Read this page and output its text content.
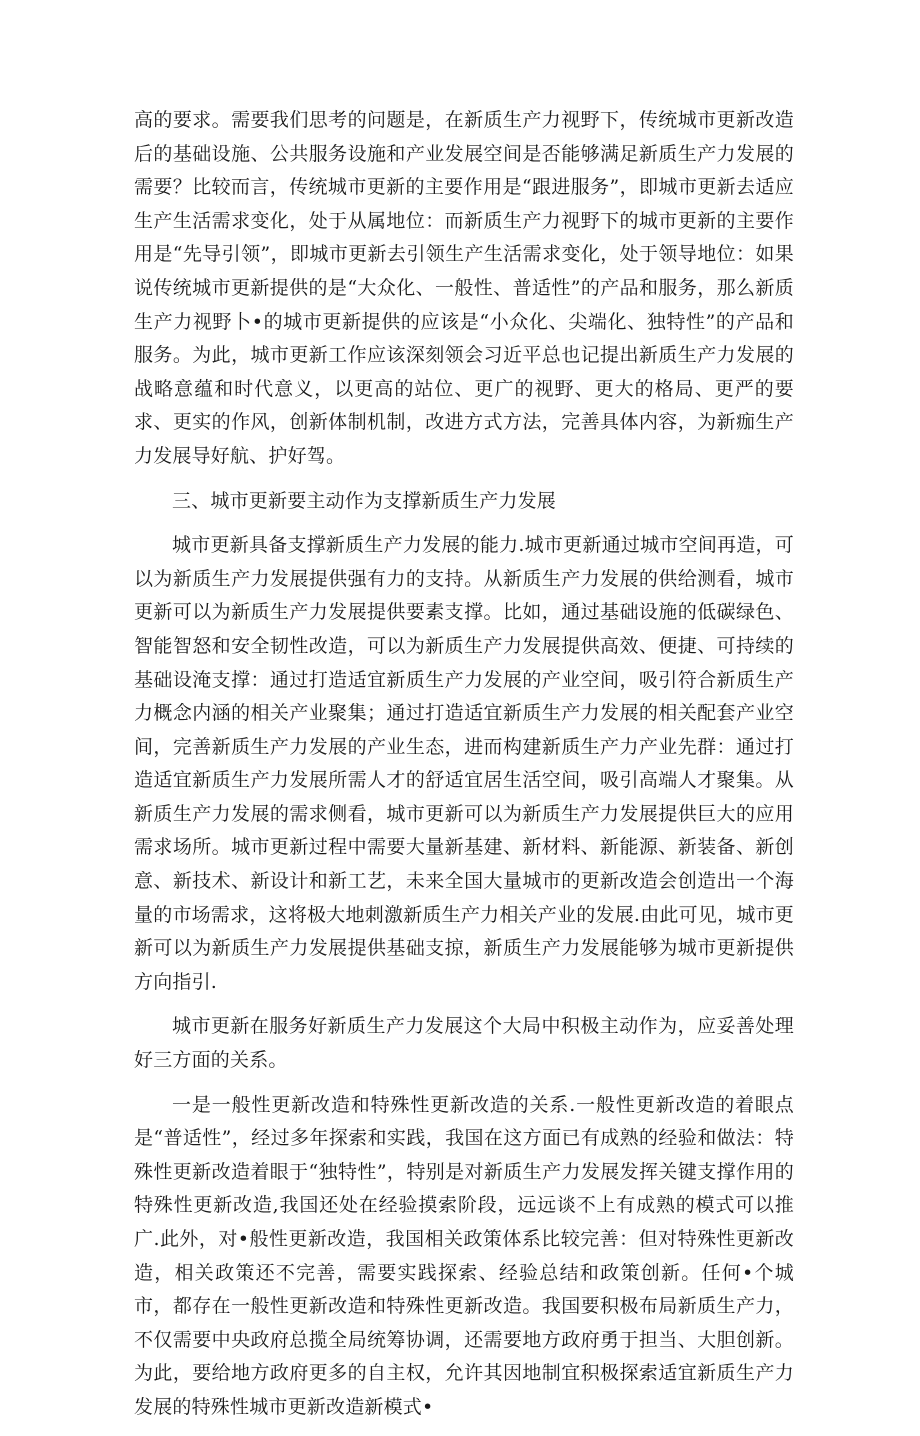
高的要求。需要我们思考的问题是，在新质生产力视野下，传统城市更新改造后的基础设施、公共服务设施和产业发展空间是否能够满足新质生产力发展的需要？比较而言，传统城市更新的主要作用是“跟进服务”，即城市更新去适应生产生活需求变化，处于从属地位：而新质生产力视野下的城市更新的主要作用是“先导引领”，即城市更新去引领生产生活需求变化，处于领导地位：如果说传统城市更新提供的是“大众化、一般性、普适性”的产品和服务，那么新质生产力视野卜•的城市更新提供的应该是“小众化、尖端化、独特性”的产品和服务。为此，城市更新工作应该深刻领会习近平总也记提出新质生产力发展的战略意蕴和时代意义，以更高的站位、更广的视野、更大的格局、更严的要求、更实的作风，创新体制机制，改进方式方法，完善具体内容，为新痂生产力发展导好航、护好驾。

三、城市更新要主动作为支撑新质生产力发展

城市更新具备支撑新质生产力发展的能力.城市更新通过城市空间再造，可以为新质生产力发展提供强有力的支持。从新质生产力发展的供给测看，城市更新可以为新质生产力发展提供要素支撑。比如，通过基础设施的低碳绿色、智能智怒和安全韧性改造，可以为新质生产力发展提供高效、便捷、可持续的基础设淹支撑：通过打造适宜新质生产力发展的产业空间，吸引符合新质生产力概念内涵的相关产业聚集；通过打造适宜新质生产力发展的相关配套产业空间，完善新质生产力发展的产业生态，进而构建新质生产力产业先群：通过打造适宜新质生产力发展所需人才的舒适宜居生活空间，吸引高端人才聚集。从新质生产力发展的需求侧看，城市更新可以为新质生产力发展提供巨大的应用需求场所。城市更新过程中需要大量新基建、新材料、新能源、新装备、新创意、新技术、新设计和新工艺，未来全国大量城市的更新改造会创造出一个海量的市场需求，这将极大地刺激新质生产力相关产业的发展.由此可见，城市更新可以为新质生产力发展提供基础支掠，新质生产力发展能够为城市更新提供方向指引.

城市更新在服务好新质生产力发展这个大局中积极主动作为，应妥善处理好三方面的关系。

一是一般性更新改造和特殊性更新改造的关系.一般性更新改造的着眼点是“普适性”，经过多年探索和实践，我国在这方面已有成熟的经验和做法：特殊性更新改造着眼于“独特性”，特别是对新质生产力发展发挥关键支撑作用的特殊性更新改造,我国还处在经验摸索阶段，远远谈不上有成熟的模式可以推广.此外，对•般性更新改造，我国相关政策体系比较完善：但对特殊性更新改造，相关政策还不完善，需要实践探索、经验总结和政策创新。任何•个城市，都存在一般性更新改造和特殊性更新改造。我国要积极布局新质生产力，不仅需要中央政府总揽全局统筹协调，还需要地方政府勇于担当、大胆创新。为此，要给地方政府更多的自主权，允许其因地制宜积极探索适宜新质生产力发展的特殊性城市更新改造新模式•
